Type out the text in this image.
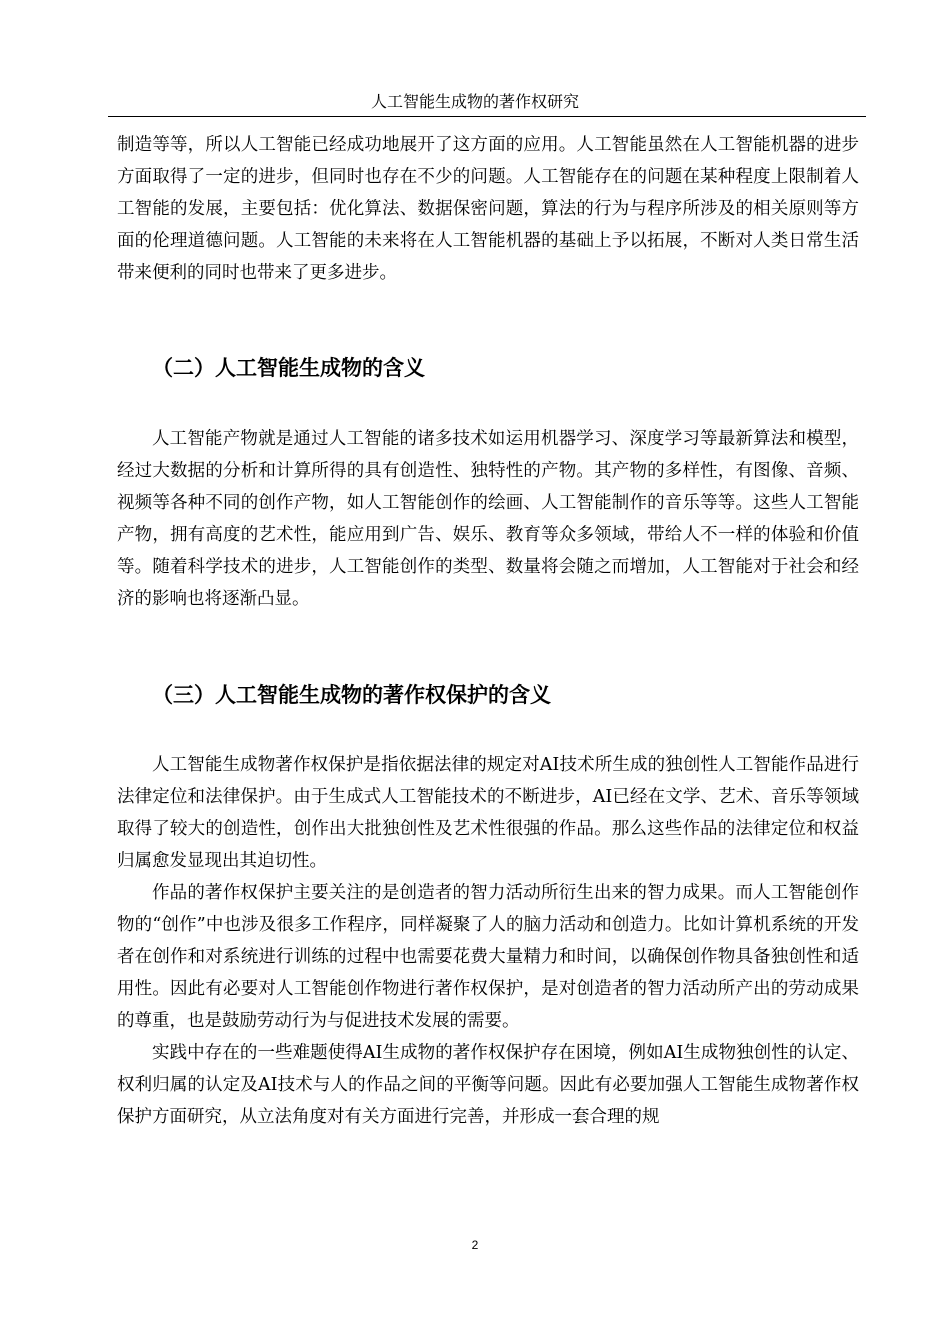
人工智能生成物的著作权研究

制造等等，所以人工智能已经成功地展开了这方面的应用。人工智能虽然在人工智能机器的进步方面取得了一定的进步，但同时也存在不少的问题。人工智能存在的问题在某种程度上限制着人工智能的发展，主要包括：优化算法、数据保密问题，算法的行为与程序所涉及的相关原则等方面的伦理道德问题。人工智能的未来将在人工智能机器的基础上予以拓展，不断对人类日常生活带来便利的同时也带来了更多进步。

（二）人工智能生成物的含义

人工智能产物就是通过人工智能的诸多技术如运用机器学习、深度学习等最新算法和模型，经过大数据的分析和计算所得的具有创造性、独特性的产物。其产物的多样性，有图像、音频、视频等各种不同的创作产物，如人工智能创作的绘画、人工智能制作的音乐等等。这些人工智能产物，拥有高度的艺术性，能应用到广告、娱乐、教育等众多领域，带给人不一样的体验和价值等。随着科学技术的进步，人工智能创作的类型、数量将会随之而增加，人工智能对于社会和经济的影响也将逐渐凸显。

（三）人工智能生成物的著作权保护的含义

人工智能生成物著作权保护是指依据法律的规定对AI技术所生成的独创性人工智能作品进行法律定位和法律保护。由于生成式人工智能技术的不断进步，AI已经在文学、艺术、音乐等领域取得了较大的创造性，创作出大批独创性及艺术性很强的作品。那么这些作品的法律定位和权益归属愈发显现出其迫切性。

作品的著作权保护主要关注的是创造者的智力活动所衍生出来的智力成果。而人工智能创作物的“创作”中也涉及很多工作程序，同样凝聚了人的脑力活动和创造力。比如计算机系统的开发者在创作和对系统进行训练的过程中也需要花费大量精力和时间，以确保创作物具备独创性和适用性。因此有必要对人工智能创作物进行著作权保护，是对创造者的智力活动所产出的劳动成果的尊重，也是鼓励劳动行为与促进技术发展的需要。

实践中存在的一些难题使得AI生成物的著作权保护存在困境，例如AI生成物独创性的认定、权利归属的认定及AI技术与人的作品之间的平衡等问题。因此有必要加强人工智能生成物著作权保护方面研究，从立法角度对有关方面进行完善，并形成一套合理的规

2
